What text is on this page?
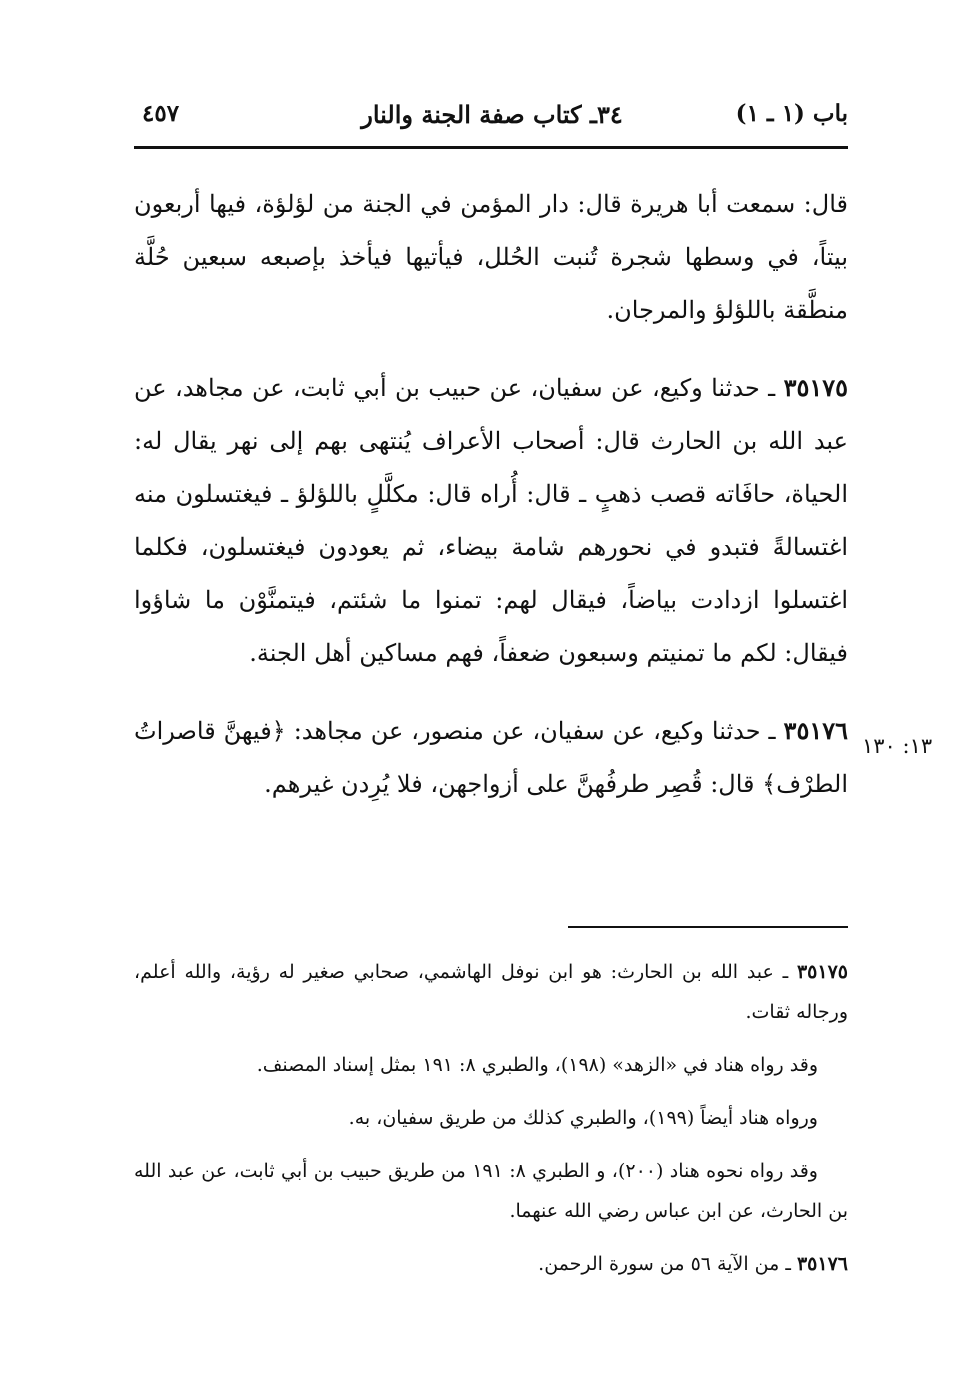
باب (١ ـ ١)
٣٤ـ كتاب صفة الجنة والنار
٤٥٧

قال: سمعت أبا هريرة قال: دار المؤمن في الجنة من لؤلؤة، فيها أربعون بيتاً، في وسطها شجرة تُنبت الحُلل، فيأتيها فيأخذ بإصبعه سبعين حُلَّة منطَّقة باللؤلؤ والمرجان.

٣٥١٧٥ ـ حدثنا وكيع، عن سفيان، عن حبيب بن أبي ثابت، عن مجاهد، عن عبد الله بن الحارث قال: أصحاب الأعراف يُنتهى بهم إلى نهر يقال له: الحياة، حافَاته قصب ذهبٍ ـ قال: أُراه قال: مكلَّلٍ باللؤلؤ ـ فيغتسلون منه اغتسالةً فتبدو في نحورهم شامة بيضاء، ثم يعودون فيغتسلون، فكلما اغتسلوا ازدادت بياضاً، فيقال لهم: تمنوا ما شئتم، فيتمنَّوْن ما شاؤوا فيقال: لكم ما تمنيتم وسبعون ضعفاً، فهم مساكين أهل الجنة.

٣٥١٧٦ ـ حدثنا وكيع، عن سفيان، عن منصور، عن مجاهد: ﴿فيهنَّ قاصراتُ الطرْف﴾ قال: قُصِر طرفُهنَّ على أزواجهن، فلا يُرِدن غيرهم.

١٣: ١٣٠

٣٥١٧٥ ـ عبد الله بن الحارث: هو ابن نوفل الهاشمي، صحابي صغير له رؤية، والله أعلم، ورجاله ثقات.

وقد رواه هناد في «الزهد» (١٩٨)، والطبري ٨: ١٩١ بمثل إسناد المصنف.

ورواه هناد أيضاً (١٩٩)، والطبري كذلك من طريق سفيان، به.

وقد رواه نحوه هناد (٢٠٠)، و الطبري ٨: ١٩١ من طريق حبيب بن أبي ثابت، عن عبد الله بن الحارث، عن ابن عباس رضي الله عنهما.

٣٥١٧٦ ـ من الآية ٥٦ من سورة الرحمن.
